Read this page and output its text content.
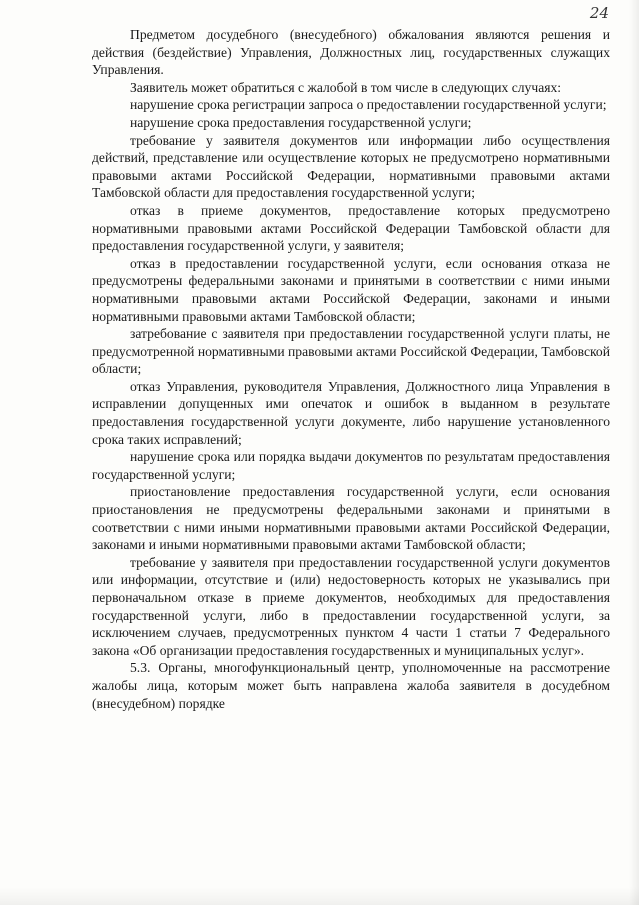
24

Предметом досудебного (внесудебного) обжалования являются решения и действия (бездействие) Управления, Должностных лиц, государственных служащих Управления.

Заявитель может обратиться с жалобой в том числе в следующих случаях:

нарушение срока регистрации запроса о предоставлении государственной услуги;

нарушение срока предоставления государственной услуги;

требование у заявителя документов или информации либо осуществления действий, представление или осуществление которых не предусмотрено нормативными правовыми актами Российской Федерации, нормативными правовыми актами Тамбовской области для предоставления государственной услуги;

отказ в приеме документов, предоставление которых предусмотрено нормативными правовыми актами Российской Федерации Тамбовской области для предоставления государственной услуги, у заявителя;

отказ в предоставлении государственной услуги, если основания отказа не предусмотрены федеральными законами и принятыми в соответствии с ними иными нормативными правовыми актами Российской Федерации, законами и иными нормативными правовыми актами Тамбовской области;

затребование с заявителя при предоставлении государственной услуги платы, не предусмотренной нормативными правовыми актами Российской Федерации, Тамбовской области;

отказ Управления, руководителя Управления, Должностного лица Управления в исправлении допущенных ими опечаток и ошибок в выданном в результате предоставления государственной услуги документе, либо нарушение установленного срока таких исправлений;

нарушение срока или порядка выдачи документов по результатам предоставления государственной услуги;

приостановление предоставления государственной услуги, если основания приостановления не предусмотрены федеральными законами и принятыми в соответствии с ними иными нормативными правовыми актами Российской Федерации, законами и иными нормативными правовыми актами Тамбовской области;

требование у заявителя при предоставлении государственной услуги документов или информации, отсутствие и (или) недостоверность которых не указывались при первоначальном отказе в приеме документов, необходимых для предоставления государственной услуги, либо в предоставлении государственной услуги, за исключением случаев, предусмотренных пунктом 4 части 1 статьи 7 Федерального закона «Об организации предоставления государственных и муниципальных услуг».

5.3. Органы, многофункциональный центр, уполномоченные на рассмотрение жалобы лица, которым может быть направлена жалоба заявителя в досудебном (внесудебном) порядке
